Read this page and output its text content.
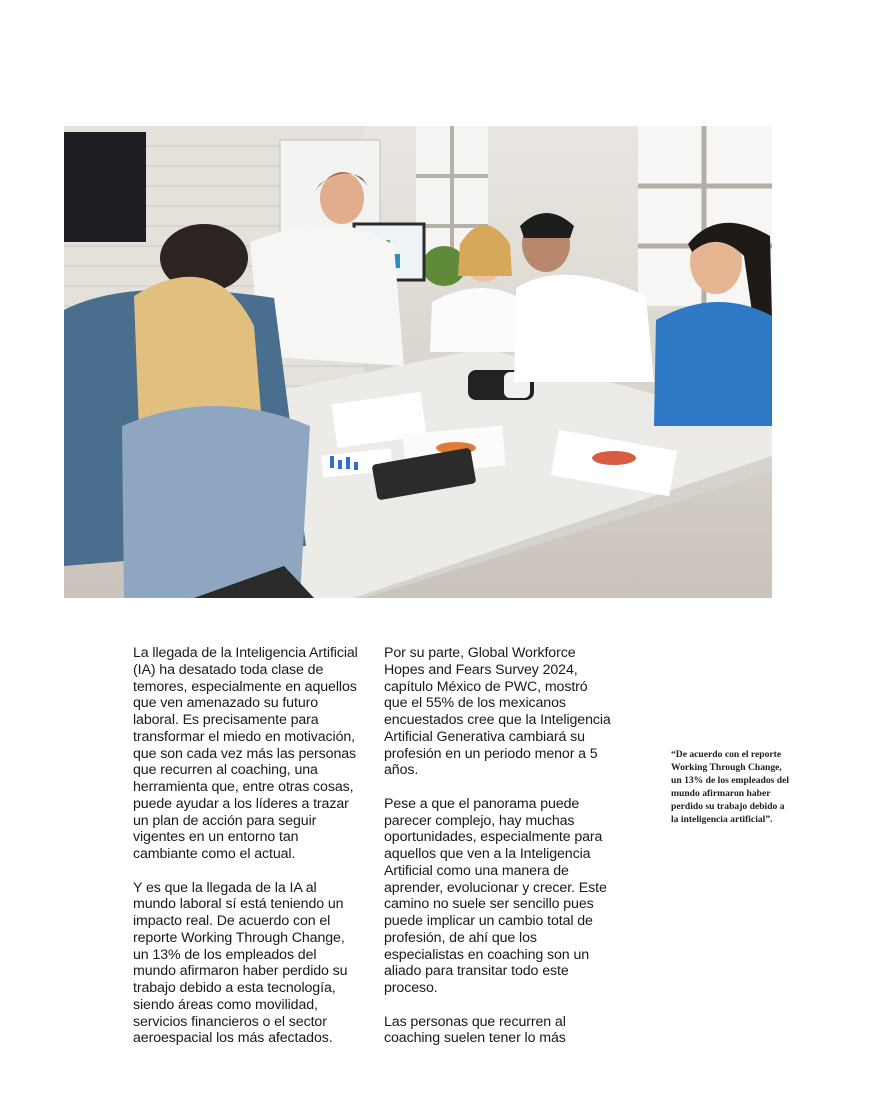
La llegada de la Inteligencia Artificial (IA) ha desatado toda clase de temores, especialmente en aquellos que ven amenazado su futuro laboral. Es precisamente para transformar el miedo en motivación, que son cada vez más las personas que recurren al coaching, una herramienta que, entre otras cosas, puede ayudar a los líderes a trazar un plan de acción para seguir vigentes en un entorno tan cambiante como el actual.

Y es que la llegada de la IA al mundo laboral sí está teniendo un impacto real. De acuerdo con el reporte Working Through Change, un 13% de los empleados del mundo afirmaron haber perdido su trabajo debido a esta tecnología, siendo áreas como movilidad, servicios financieros o el sector aeroespacial los más afectados.

Por su parte, Global Workforce Hopes and Fears Survey 2024, capítulo México de PWC, mostró que el 55% de los mexicanos encuestados cree que la Inteligencia Artificial Generativa cambiará su profesión en un periodo menor a 5 años.

Pese a que el panorama puede parecer complejo, hay muchas oportunidades, especialmente para aquellos que ven a la Inteligencia Artificial como una manera de aprender, evolucionar y crecer. Este camino no suele ser sencillo pues puede implicar un cambio total de profesión, de ahí que los especialistas en coaching son un aliado para transitar todo este proceso.

Las personas que recurren al coaching suelen tener lo más

“De acuerdo con el reporte Working Through Change, un 13% de los empleados del mundo afirmaron haber perdido su trabajo debido a la inteligencia artificial”.
